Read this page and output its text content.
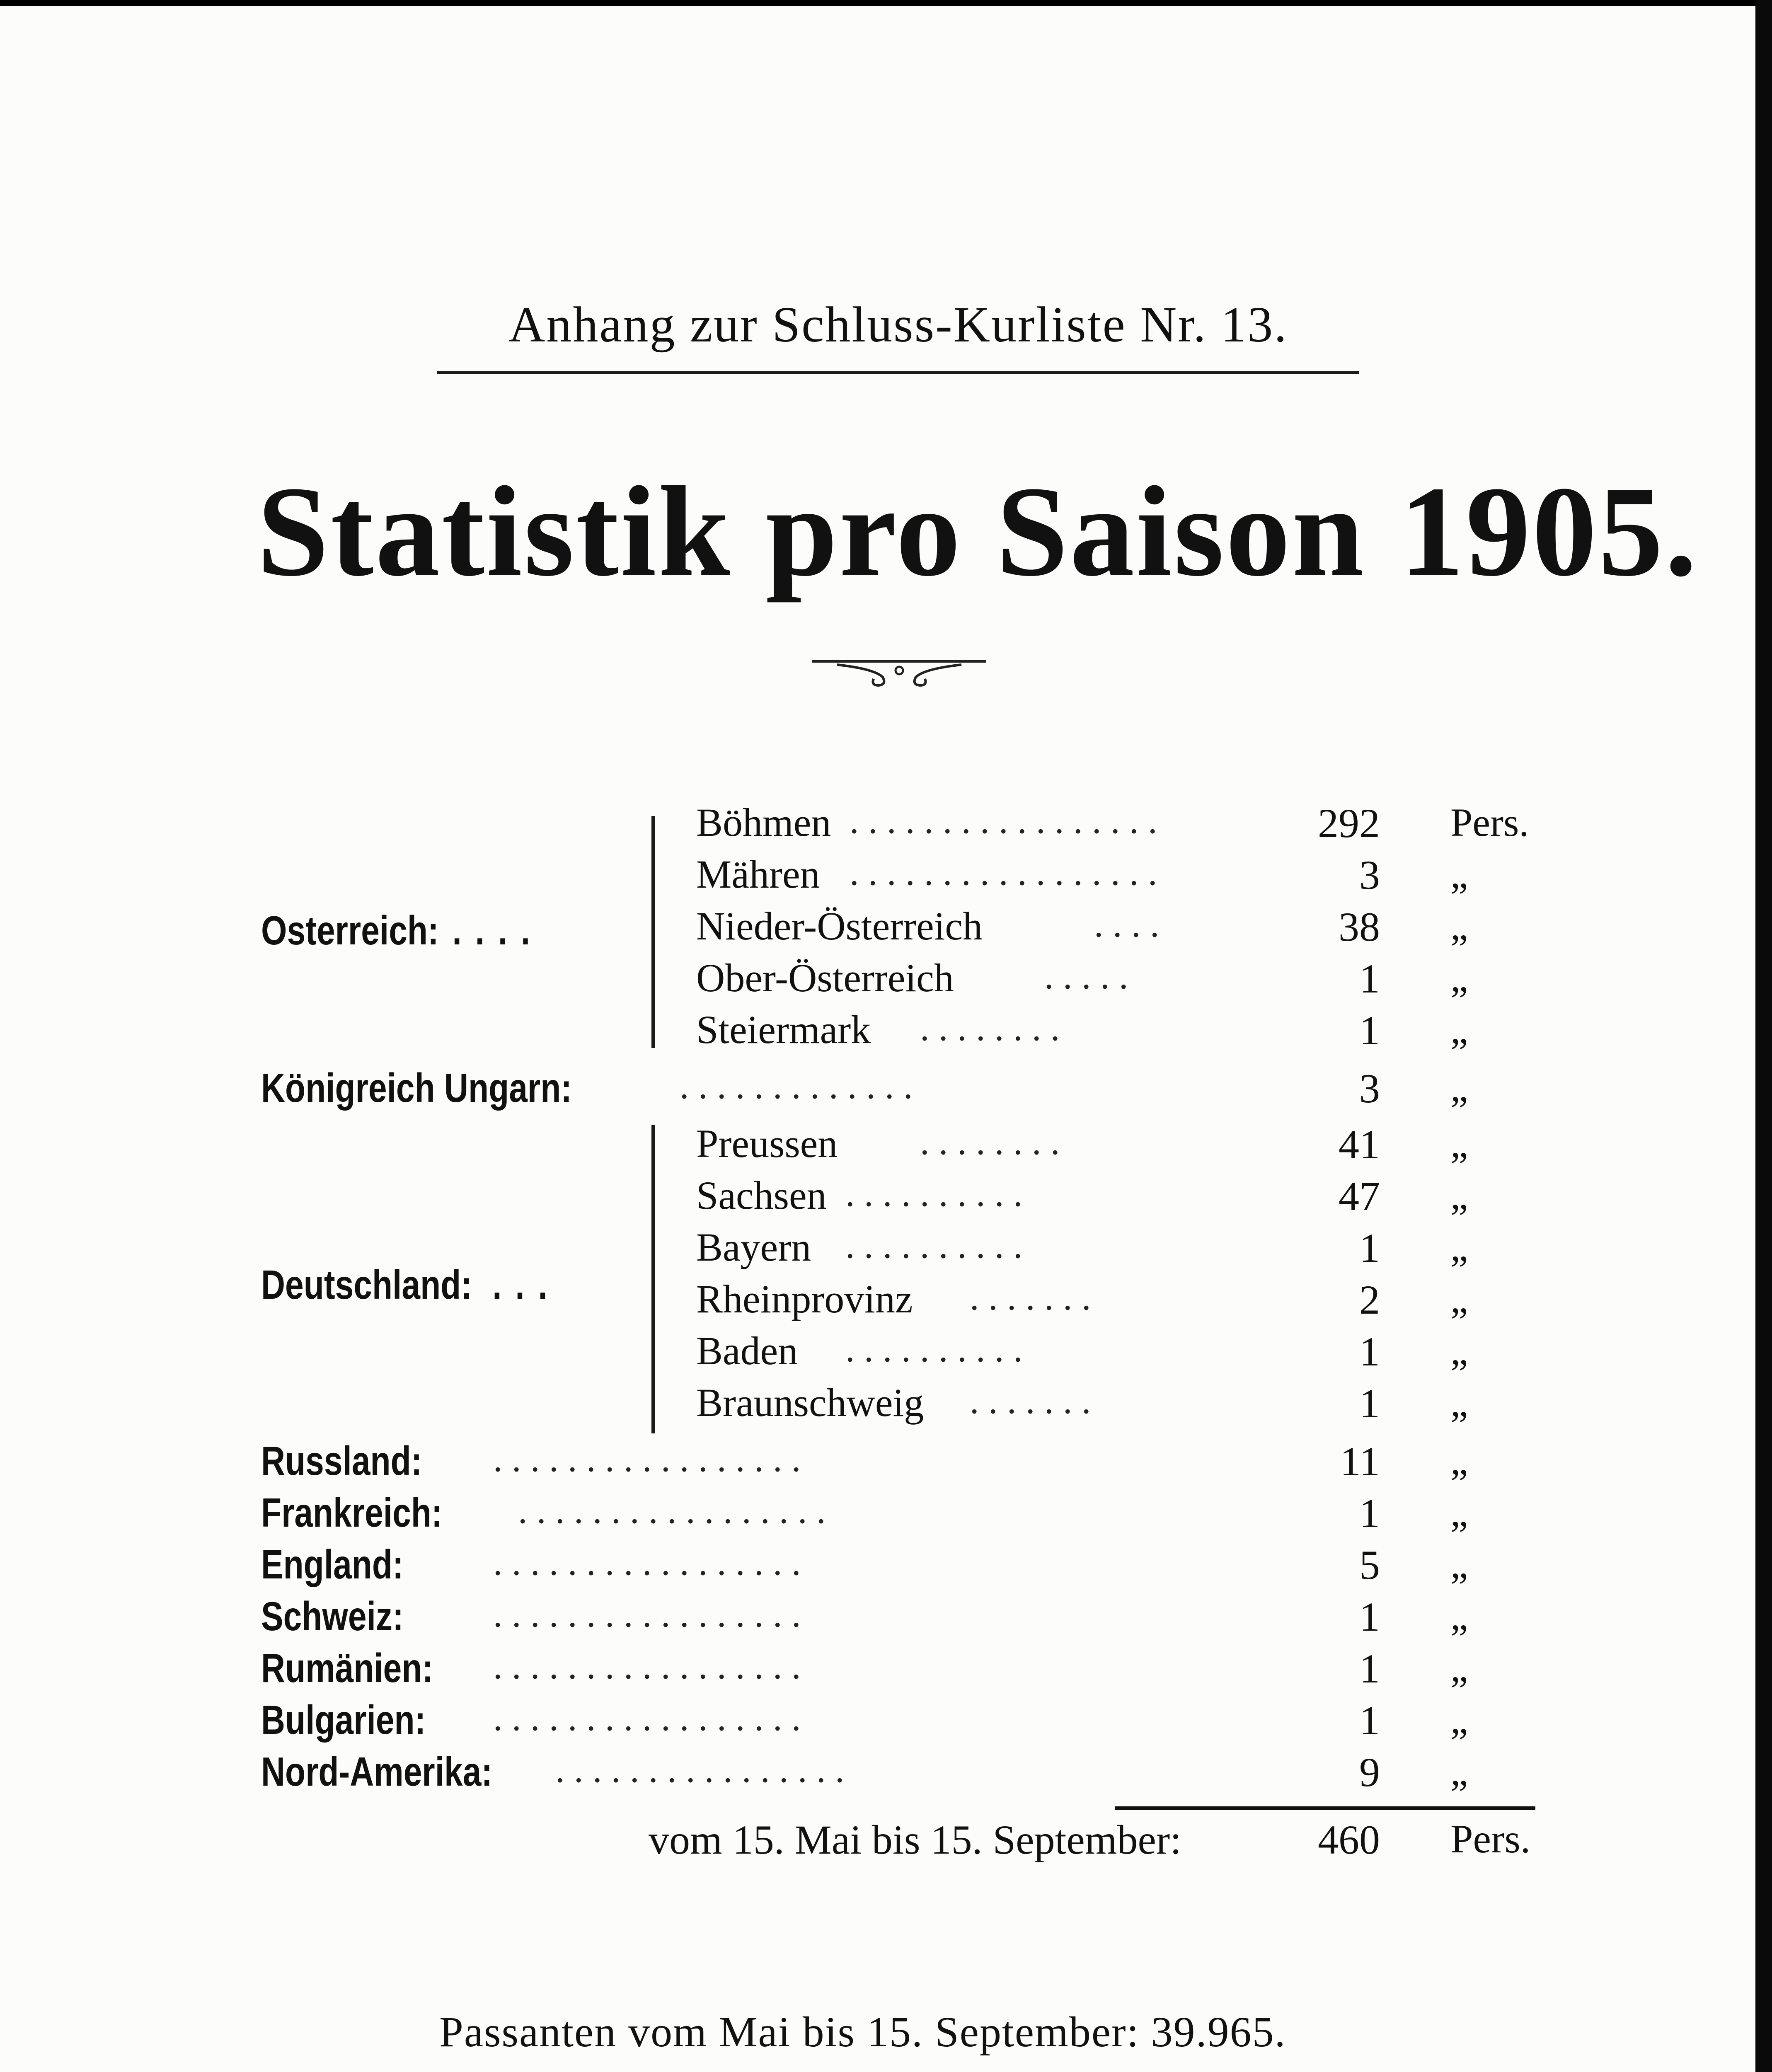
Anhang zur Schluss-Kurliste Nr. 13.
Statistik pro Saison 1905.
Osterreich: ....
Böhmen . . . . . . . . . . . . . . . . .	292 Pers.
Mähren . . . . . . . . . . . . . . . . .	3 „
Nieder-Österreich	. . . .	38 „
Ober-Österreich . . . . .	1 „
Steiermark . . . . . . . .	1 „
Königreich Ungarn:	. . . . . . . . . . . . .	3 „
Deutschland: ...
Preussen . . . . . . . .	41 „
Sachsen . . . . . . . . . .	47 „
Bayern . . . . . . . . . .	1 „
Rheinprovinz . . . . . . .	2 „
Baden . . . . . . . . . .	1 „
Braunschweig . . . . . . .	1 „
Russland: . . . . . . . . . . . . . . . . .	11 „
Frankreich: . . . . . . . . . . . . . . . . .	1 „
England: . . . . . . . . . . . . . . . . .	5 „
Schweiz: . . . . . . . . . . . . . . . . .	1 „
Rumänien: . . . . . . . . . . . . . . . . .	1 „
Bulgarien: . . . . . . . . . . . . . . . . .	1 „
Nord-Amerika: . . . . . . . . . . . . . . . .	9 „
vom 15. Mai bis 15. September:	460 Pers.
Passanten vom Mai bis 15. September: 39.965.
